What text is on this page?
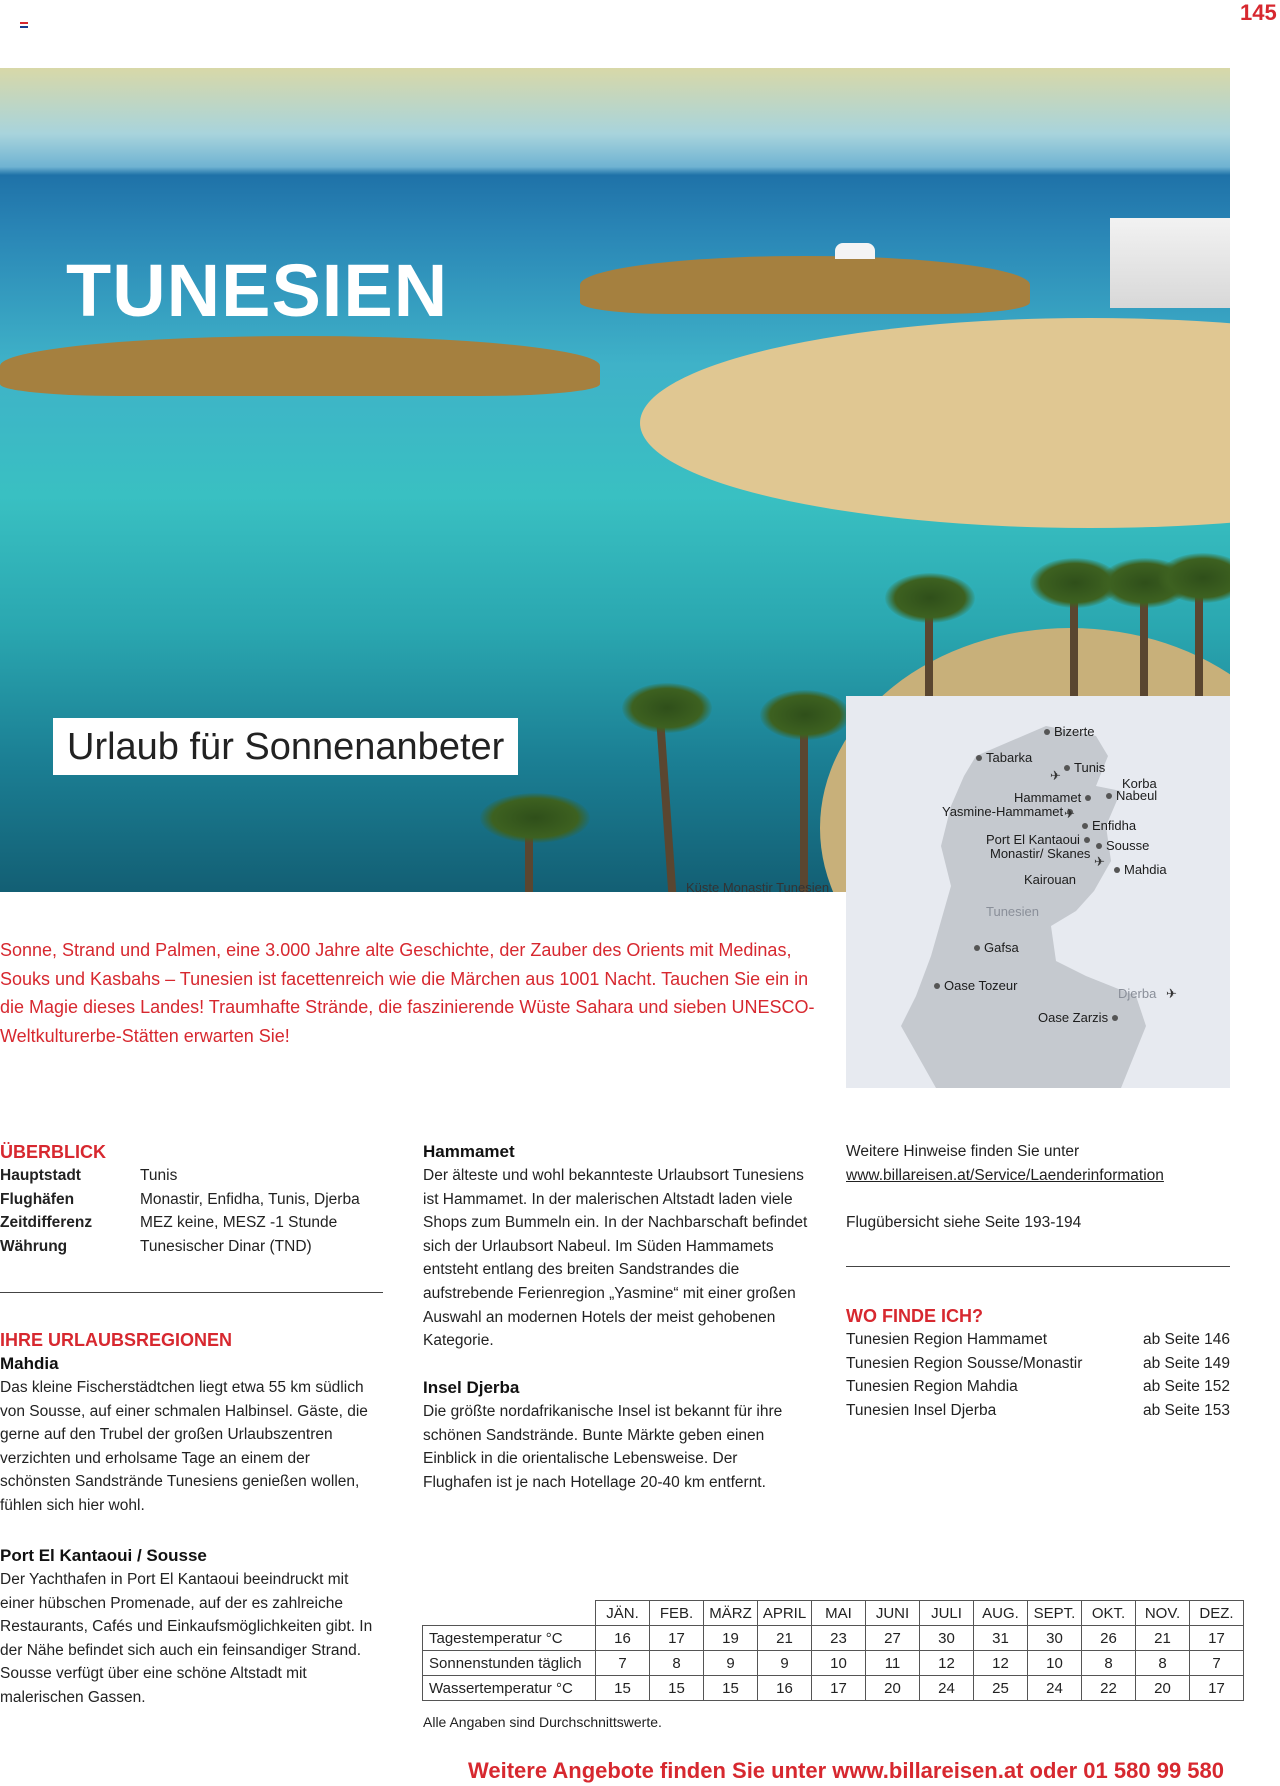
145
TUNESIEN
Urlaub für Sonnenanbeter
Küste Monastir Tunesien
Bizerte
Tabarka
Tunis
Korba
Hammamet	Nabeul
Yasmine-Hammamet
Enfidha
Port El Kantaoui Sousse
Monastir/ Skanes
Mahdia
Kairouan
Tunesien
Gafsa
Oase Tozeur
Djerba
Oase Zarzis
✈
✈
✈
✈
Sonne, Strand und Palmen, eine 3.000 Jahre alte Geschichte, der Zauber des Orients mit Medinas, Souks und Kasbahs – Tunesien ist facettenreich wie die Märchen aus 1001 Nacht. Tauchen Sie ein in die Magie dieses Landes! Traumhafte Strände, die faszinierende Wüste Sahara und sieben UNESCO-Weltkulturerbe-Stätten erwarten Sie!
ÜBERBLICK
Hauptstadt	Tunis
Flughäfen	Monastir, Enfidha, Tunis, Djerba
Zeitdifferenz	MEZ keine, MESZ -1 Stunde
Währung	Tunesischer Dinar (TND)
IHRE URLAUBSREGIONEN
Mahdia
Das kleine Fischerstädtchen liegt etwa 55 km südlich von Sousse, auf einer schmalen Halbinsel. Gäste, die gerne auf den Trubel der großen Urlaubszentren verzichten und erholsame Tage an einem der schönsten Sandstrände Tunesiens genießen wollen, fühlen sich hier wohl.
Port El Kantaoui / Sousse
Der Yachthafen in Port El Kantaoui beeindruckt mit einer hübschen Promenade, auf der es zahlreiche Restaurants, Cafés und Einkaufsmöglichkeiten gibt. In der Nähe befindet sich auch ein feinsandiger Strand. Sousse verfügt über eine schöne Altstadt mit malerischen Gassen.
Hammamet
Der älteste und wohl bekannteste Urlaubsort Tunesiens ist Hammamet. In der malerischen Altstadt laden viele Shops zum Bummeln ein. In der Nachbarschaft befindet sich der Urlaubsort Nabeul. Im Süden Hammamets entsteht entlang des breiten Sandstrandes die aufstrebende Ferienregion „Yasmine“ mit einer großen Auswahl an modernen Hotels der meist gehobenen Kategorie.
Insel Djerba
Die größte nordafrikanische Insel ist bekannt für ihre schönen Sandstrände. Bunte Märkte geben einen Einblick in die orientalische Lebensweise. Der Flughafen ist je nach Hotellage 20-40 km entfernt.
Weitere Hinweise finden Sie unter
www.billareisen.at/Service/Laenderinformation
Flugübersicht siehe Seite 193-194
WO FINDE ICH?
Tunesien Region Hammamet	ab Seite 146
Tunesien Region Sousse/Monastir	ab Seite 149
Tunesien Region Mahdia	ab Seite 152
Tunesien Insel Djerba	ab Seite 153
	JÄN.	FEB.	MÄRZ	APRIL	MAI	JUNI	JULI	AUG.	SEPT.	OKT.	NOV.	DEZ.
Tagestemperatur °C	16	17	19	21	23	27	30	31	30	26	21	17
Sonnenstunden täglich	7	8	9	9	10	11	12	12	10	8	8	7
Wassertemperatur °C	15	15	15	16	17	20	24	25	24	22	20	17
Alle Angaben sind Durchschnittswerte.
Weitere Angebote finden Sie unter www.billareisen.at oder 01 580 99 580
